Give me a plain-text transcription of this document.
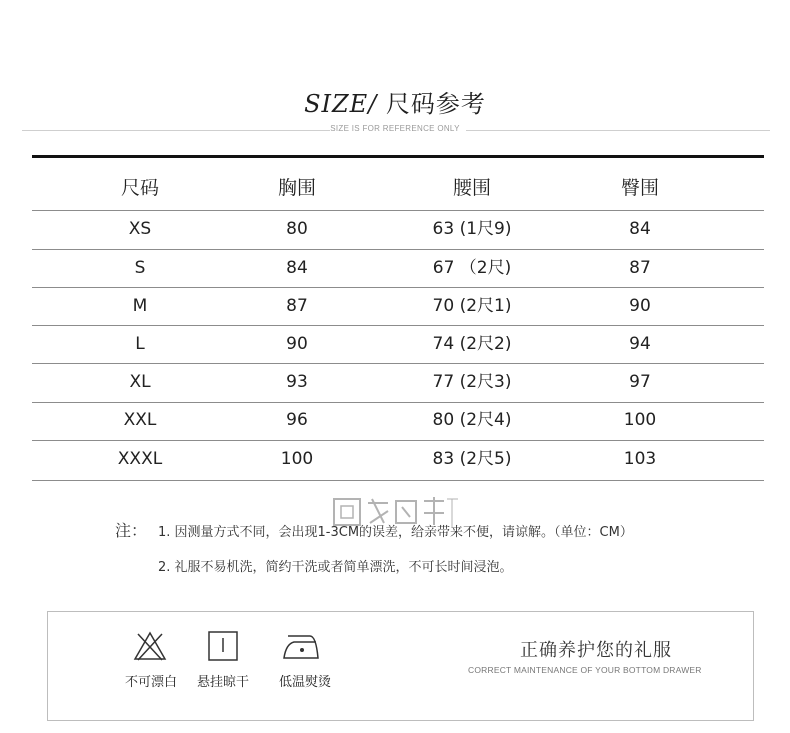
SIZE/ 尺码参考
SIZE IS FOR REFERENCE ONLY
尺码	胸围	腰围	臀围
XS	80	63 (1尺9)	84
S	84	67 （2尺)	87
M	87	70 (2尺1)	90
L	90	74 (2尺2)	94
XL	93	77 (2尺3)	97
XXL	96	80 (2尺4)	100
XXXL	100	83 (2尺5)	103
注： 1. 因测量方式不同，会出现1-3CM的误差，给亲带来不便，请谅解。（单位：CM）
2. 礼服不易机洗，简约干洗或者简单漂洗，不可长时间浸泡。
不可漂白	悬挂晾干	低温熨烫
正确养护您的礼服
CORRECT MAINTENANCE OF YOUR BOTTOM DRAWER
